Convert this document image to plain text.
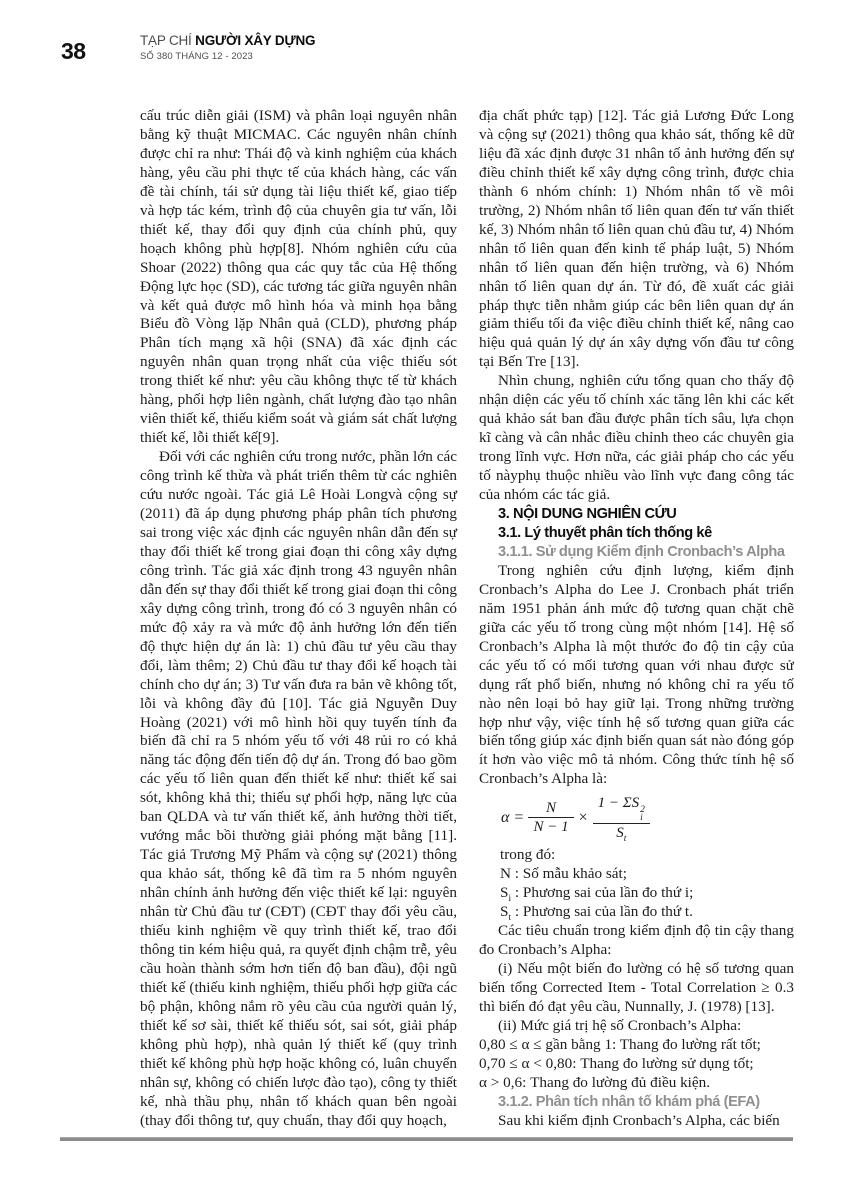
38	TẠP CHÍ NGƯỜI XÂY DỰNG
SỐ 380 THÁNG 12 - 2023

cấu trúc diễn giải (ISM) và phân loại nguyên nhân bằng kỹ thuật MICMAC. Các nguyên nhân chính được chỉ ra như: Thái độ và kinh nghiệm của khách hàng, yêu cầu phi thực tế của khách hàng, các vấn đề tài chính, tái sử dụng tài liệu thiết kế, giao tiếp và hợp tác kém, trình độ của chuyên gia tư vấn, lỗi thiết kế, thay đổi quy định của chính phủ, quy hoạch không phù hợp[8]. Nhóm nghiên cứu của Shoar (2022) thông qua các quy tắc của Hệ thống Động lực học (SD), các tương tác giữa nguyên nhân và kết quả được mô hình hóa và minh họa bằng Biểu đồ Vòng lặp Nhân quả (CLD), phương pháp Phân tích mạng xã hội (SNA) đã xác định các nguyên nhân quan trọng nhất của việc thiếu sót trong thiết kế như: yêu cầu không thực tế từ khách hàng, phối hợp liên ngành, chất lượng đào tạo nhân viên thiết kế, thiếu kiểm soát và giám sát chất lượng thiết kế, lỗi thiết kế[9].

Đối với các nghiên cứu trong nước, phần lớn các công trình kế thừa và phát triển thêm từ các nghiên cứu nước ngoài. Tác giả Lê Hoài Longvà cộng sự (2011) đã áp dụng phương pháp phân tích phương sai trong việc xác định các nguyên nhân dẫn đến sự thay đổi thiết kế trong giai đoạn thi công xây dựng công trình. Tác giả xác định trong 43 nguyên nhân dẫn đến sự thay đổi thiết kế trong giai đoạn thi công xây dựng công trình, trong đó có 3 nguyên nhân có mức độ xảy ra và mức độ ảnh hưởng lớn đến tiến độ thực hiện dự án là: 1) chủ đầu tư yêu cầu thay đổi, làm thêm; 2) Chủ đầu tư thay đổi kế hoạch tài chính cho dự án; 3) Tư vấn đưa ra bản vẽ không tốt, lỗi và không đầy đủ [10]. Tác giả Nguyễn Duy Hoàng (2021) với mô hình hồi quy tuyến tính đa biến đã chỉ ra 5 nhóm yếu tố với 48 rủi ro có khả năng tác động đến tiến độ dự án. Trong đó bao gồm các yếu tố liên quan đến thiết kế như: thiết kế sai sót, không khả thi; thiếu sự phối hợp, năng lực của ban QLDA và tư vấn thiết kế, ảnh hưởng thời tiết, vướng mắc bồi thường giải phóng mặt bằng [11]. Tác giả Trương Mỹ Phẩm và cộng sự (2021) thông qua khảo sát, thống kê đã tìm ra 5 nhóm nguyên nhân chính ảnh hưởng đến việc thiết kế lại: nguyên nhân từ Chủ đầu tư (CĐT) (CĐT thay đổi yêu cầu, thiếu kinh nghiệm về quy trình thiết kế, trao đổi thông tin kém hiệu quả, ra quyết định chậm trễ, yêu cầu hoàn thành sớm hơn tiến độ ban đầu), đội ngũ thiết kế (thiếu kinh nghiệm, thiếu phối hợp giữa các bộ phận, không nắm rõ yêu cầu của người quản lý, thiết kế sơ sài, thiết kế thiếu sót, sai sót, giải pháp không phù hợp), nhà quản lý thiết kế (quy trình thiết kế không phù hợp hoặc không có, luân chuyển nhân sự, không có chiến lược đào tạo), công ty thiết kế, nhà thầu phụ, nhân tố khách quan bên ngoài (thay đổi thông tư, quy chuẩn, thay đổi quy hoạch,

địa chất phức tạp) [12]. Tác giả Lương Đức Long và cộng sự (2021) thông qua khảo sát, thống kê dữ liệu đã xác định được 31 nhân tố ảnh hưởng đến sự điều chỉnh thiết kế xây dựng công trình, được chia thành 6 nhóm chính: 1) Nhóm nhân tố về môi trường, 2) Nhóm nhân tố liên quan đến tư vấn thiết kế, 3) Nhóm nhân tố liên quan chủ đầu tư, 4) Nhóm nhân tố liên quan đến kinh tế pháp luật, 5) Nhóm nhân tố liên quan đến hiện trường, và 6) Nhóm nhân tố liên quan dự án. Từ đó, đề xuất các giải pháp thực tiễn nhằm giúp các bên liên quan dự án giảm thiểu tối đa việc điều chỉnh thiết kế, nâng cao hiệu quả quản lý dự án xây dựng vốn đầu tư công tại Bến Tre [13].

Nhìn chung, nghiên cứu tổng quan cho thấy độ nhận diện các yếu tố chính xác tăng lên khi các kết quả khảo sát ban đầu được phân tích sâu, lựa chọn kĩ càng và cân nhắc điều chỉnh theo các chuyên gia trong lĩnh vực. Hơn nữa, các giải pháp cho các yếu tố nàyphụ thuộc nhiều vào lĩnh vực đang công tác của nhóm các tác giả.

3. NỘI DUNG NGHIÊN CỨU
3.1. Lý thuyết phân tích thống kê
3.1.1. Sử dụng Kiểm định Cronbach’s Alpha

Trong nghiên cứu định lượng, kiểm định Cronbach’s Alpha do Lee J. Cronbach phát triển năm 1951 phản ánh mức độ tương quan chặt chẽ giữa các yếu tố trong cùng một nhóm [14]. Hệ số Cronbach’s Alpha là một thước đo độ tin cậy của các yếu tố có mối tương quan với nhau được sử dụng rất phổ biến, nhưng nó không chỉ ra yếu tố nào nên loại bỏ hay giữ lại. Trong những trường hợp như vậy, việc tính hệ số tương quan giữa các biến tổng giúp xác định biến quan sát nào đóng góp ít hơn vào việc mô tả nhóm. Công thức tính hệ số Cronbach’s Alpha là:

$\alpha = \frac{N}{N - 1} \times 1 - \Sigma S$ 2
i
$S_t$

trong đó:

N : Số mẫu khảo sát;

$S_i$ : Phương sai của lần đo thứ i;

$S_t$ : Phương sai của lần đo thứ t.

Các tiêu chuẩn trong kiểm định độ tin cậy thang đo Cronbach’s Alpha:

(i) Nếu một biến đo lường có hệ số tương quan biến tổng Corrected Item - Total Correlation ≥ 0.3 thì biến đó đạt yêu cầu, Nunnally, J. (1978) [13].

(ii) Mức giá trị hệ số Cronbach’s Alpha:

0,80 ≤ α ≤ gần bằng 1: Thang đo lường rất tốt;

0,70 ≤ α < 0,80: Thang đo lường sử dụng tốt;

α > 0,6: Thang đo lường đủ điều kiện.

3.1.2. Phân tích nhân tố khám phá (EFA)

Sau khi kiểm định Cronbach’s Alpha, các biến
